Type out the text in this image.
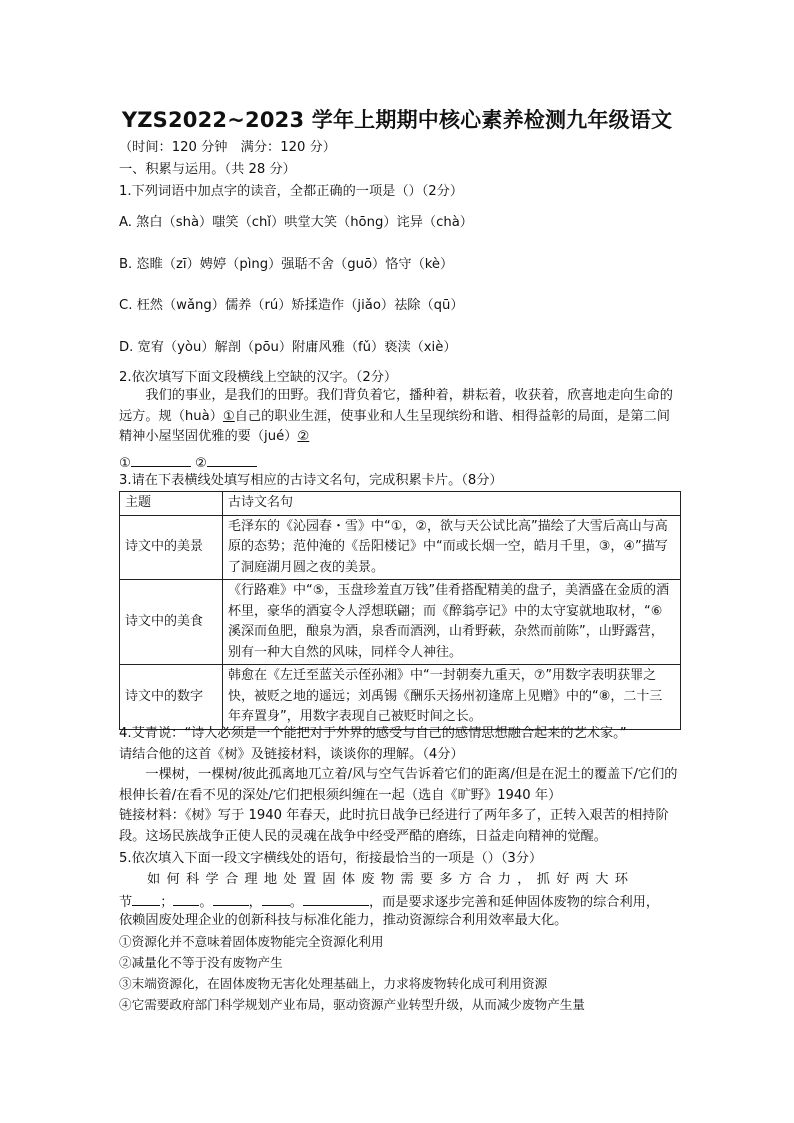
YZS2022~2023 学年上期期中核心素养检测九年级语文
（时间：120 分钟　满分：120 分）
一、积累与运用。（共 28 分）
1.下列词语中加点字的读音，全都正确的一项是（）（2分）
A. 煞白（shà）嗤笑（chǐ）哄堂大笑（hōng）诧异（chà）
B. 恣睢（zī）娉婷（pìng）强聒不舍（guō）恪守（kè）
C. 枉然（wǎng）儒养（rú）矫揉造作（jiǎo）祛除（qū）
D. 宽宥（yòu）解剖（pōu）附庸风雅（fǔ）亵渎（xiè）
2.依次填写下面文段横线上空缺的汉字。（2分）
我们的事业，是我们的田野。我们背负着它，播种着，耕耘着，收获着，欣喜地走向生命的远方。规（huà）①自己的职业生涯，使事业和人生呈现缤纷和谐、相得益彰的局面，是第二间精神小屋坚固优雅的要（jué）②
①	②
3.请在下表横线处填写相应的古诗文名句，完成积累卡片。（8分）
主题	古诗文名句
诗文中的美景	毛泽东的《沁园春・雪》中“①，②，欲与天公试比高”描绘了大雪后高山与高原的态势；范仲淹的《岳阳楼记》中“而或长烟一空，皓月千里，③，④”描写了洞庭湖月圆之夜的美景。
诗文中的美食	《行路难》中“⑤，玉盘珍羞直万钱”佳肴搭配精美的盘子，美酒盛在金质的酒杯里，豪华的酒宴令人浮想联翩；而《醉翁亭记》中的太守宴就地取材，“⑥溪深而鱼肥，酿泉为酒，泉香而酒洌，山肴野蔌，杂然而前陈”，山野露营，别有一种大自然的风味，同样令人神往。
诗文中的数字	韩愈在《左迁至蓝关示侄孙湘》中“一封朝奏九重天，⑦”用数字表明获罪之快，被贬之地的遥远；刘禹锡《酬乐天扬州初逢席上见赠》中的“⑧，二十三年弃置身”，用数字表现自己被贬时间之长。
4.艾青说：“诗人必须是一个能把对于外界的感受与自己的感情思想融合起来的艺术家。”
请结合他的这首《树》及链接材料，谈谈你的理解。（4分）
一棵树，一棵树/彼此孤离地兀立着/风与空气告诉着它们的距离/但是在泥土的覆盖下/它们的根伸长着/在看不见的深处/它们把根须纠缠在一起（选自《旷野》1940 年）
链接材料：《树》写于 1940 年春天，此时抗日战争已经进行了两年多了，正转入艰苦的相持阶段。这场民族战争正使人民的灵魂在战争中经受严酷的磨练，日益走向精神的觉醒。
5.依次填入下面一段文字横线处的语句，衔接最恰当的一项是（）（3分）
如何科学合理地处置固体废物需要多方合力，抓好两大环
节 ； 。	， 。	，而是要求逐步完善和延伸固体废物的综合利用，
依赖固废处理企业的创新科技与标准化能力，推动资源综合利用效率最大化。
①资源化并不意味着固体废物能完全资源化利用
②减量化不等于没有废物产生
③末端资源化，在固体废物无害化处理基础上，力求将废物转化成可利用资源
④它需要政府部门科学规划产业布局，驱动资源产业转型升级，从而减少废物产生量
